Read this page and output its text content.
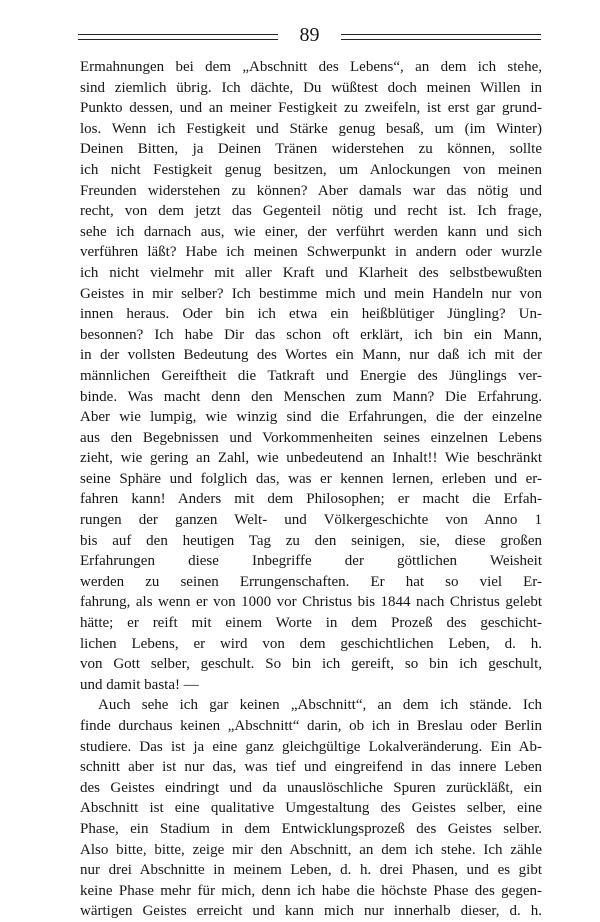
89
Ermahnungen bei dem „Abschnitt des Lebens“, an dem ich stehe,
sind ziemlich übrig. Ich dächte, Du wüßtest doch meinen Willen in
Punkto dessen, und an meiner Festigkeit zu zweifeln, ist erst gar grund-
los. Wenn ich Festigkeit und Stärke genug besaß, um (im Winter)
Deinen Bitten, ja Deinen Tränen widerstehen zu können, sollte
ich nicht Festigkeit genug besitzen, um Anlockungen von meinen
Freunden widerstehen zu können? Aber damals war das nötig und
recht, von dem jetzt das Gegenteil nötig und recht ist. Ich frage,
sehe ich darnach aus, wie einer, der verführt werden kann und sich
verführen läßt? Habe ich meinen Schwerpunkt in andern oder wurzle
ich nicht vielmehr mit aller Kraft und Klarheit des selbstbewußten
Geistes in mir selber? Ich bestimme mich und mein Handeln nur von
innen heraus. Oder bin ich etwa ein heißblütiger Jüngling? Un-
besonnen? Ich habe Dir das schon oft erklärt, ich bin ein Mann,
in der vollsten Bedeutung des Wortes ein Mann, nur daß ich mit der
männlichen Gereiftheit die Tatkraft und Energie des Jünglings ver-
binde. Was macht denn den Menschen zum Mann? Die Erfahrung.
Aber wie lumpig, wie winzig sind die Erfahrungen, die der einzelne
aus den Begebnissen und Vorkommenheiten seines einzelnen Lebens
zieht, wie gering an Zahl, wie unbedeutend an Inhalt!! Wie beschränkt
seine Sphäre und folglich das, was er kennen lernen, erleben und er-
fahren kann! Anders mit dem Philosophen; er macht die Erfah-
rungen der ganzen Welt- und Völkergeschichte von Anno 1
bis auf den heutigen Tag zu den seinigen, sie, diese großen
Erfahrungen diese Inbegriffe der göttlichen Weisheit
werden zu seinen Errungenschaften. Er hat so viel Er-
fahrung, als wenn er von 1000 vor Christus bis 1844 nach Christus gelebt
hätte; er reift mit einem Worte in dem Prozeß des geschicht-
lichen Lebens, er wird von dem geschichtlichen Leben, d. h.
von Gott selber, geschult. So bin ich gereift, so bin ich geschult,
und damit basta! —
Auch sehe ich gar keinen „Abschnitt“, an dem ich stände. Ich
finde durchaus keinen „Abschnitt“ darin, ob ich in Breslau oder Berlin
studiere. Das ist ja eine ganz gleichgültige Lokalveränderung. Ein Ab-
schnitt aber ist nur das, was tief und eingreifend in das innere Leben
des Geistes eindringt und da unauslöschliche Spuren zurückläßt, ein
Abschnitt ist eine qualitative Umgestaltung des Geistes selber, eine
Phase, ein Stadium in dem Entwicklungsprozeß des Geistes selber.
Also bitte, bitte, zeige mir den Abschnitt, an dem ich stehe. Ich zähle
nur drei Abschnitte in meinem Leben, d. h. drei Phasen, und es gibt
keine Phase mehr für mich, denn ich habe die höchste Phase des gegen-
wärtigen Geistes erreicht und kann mich nur innerhalb dieser, d. h.
